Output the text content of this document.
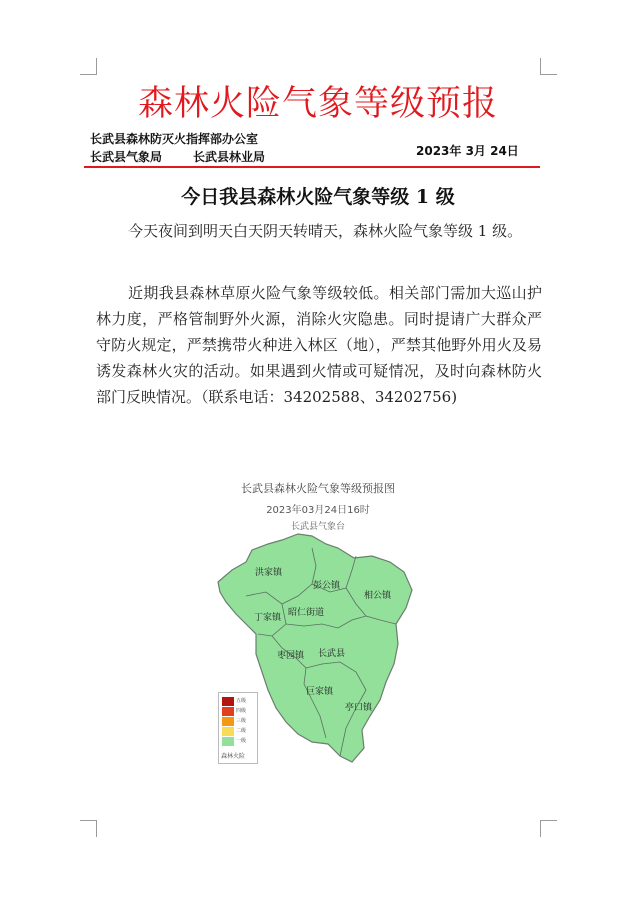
森林火险气象等级预报
长武县森林防灭火指挥部办公室
长武县气象局	长武县林业局	2023年 3月 24日
今日我县森林火险气象等级 1 级

今天夜间到明天白天阴天转晴天，森林火险气象等级 1 级。

近期我县森林草原火险气象等级较低。相关部门需加大巡山护林力度，严格管制野外火源，消除火灾隐患。同时提请广大群众严守防火规定，严禁携带火种进入林区（地），严禁其他野外用火及易诱发森林火灾的活动。如果遇到火情或可疑情况，及时向森林防火部门反映情况。（联系电话：34202588、34202756)

长武县森林火险气象等级预报图
2023年03月24日16时
长武县气象台
洪家镇
彭公镇
相公镇
昭仁街道
丁家镇
枣园镇 长武县
巨家镇
亭口镇
五级
四级
三级
二级
一级
森林火险
